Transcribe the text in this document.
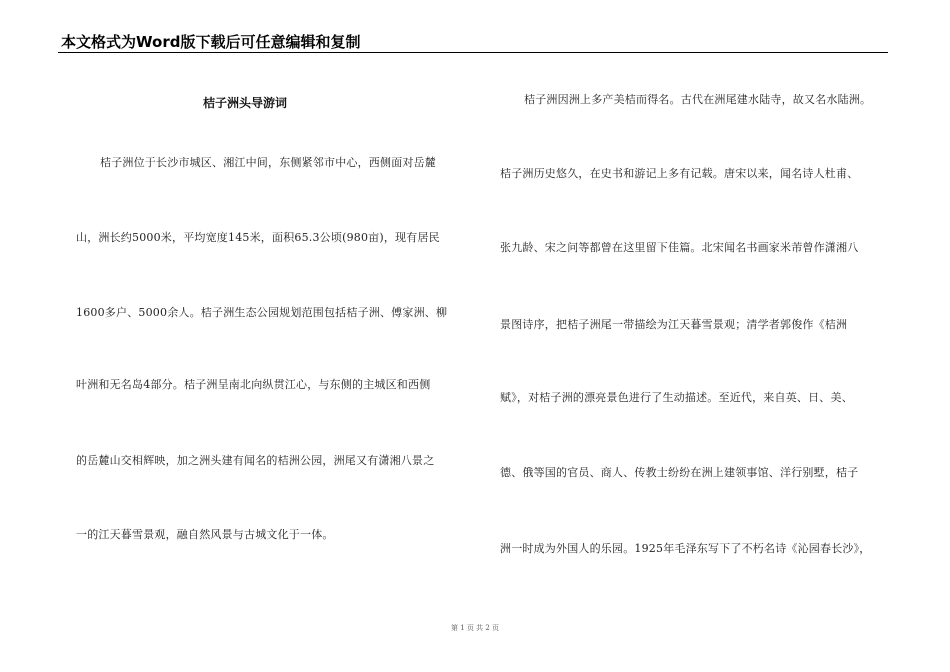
本文格式为Word版下载后可任意编辑和复制
桔子洲头导游词
桔子洲位于长沙市城区、湘江中间，东侧紧邻市中心，西侧面对岳麓
山，洲长约5000米，平均宽度145米，面积65.3公顷(980亩)，现有居民
1600多户、5000余人。桔子洲生态公园规划范围包括桔子洲、傅家洲、柳
叶洲和无名岛4部分。桔子洲呈南北向纵贯江心，与东侧的主城区和西侧
的岳麓山交相辉映，加之洲头建有闻名的桔洲公园，洲尾又有潇湘八景之
一的江天暮雪景观，融自然风景与古城文化于一体。
桔子洲因洲上多产美桔而得名。古代在洲尾建水陆寺，故又名水陆洲。
桔子洲历史悠久，在史书和游记上多有记载。唐宋以来，闻名诗人杜甫、
张九龄、宋之问等都曾在这里留下佳篇。北宋闻名书画家米芾曾作潇湘八
景图诗序，把桔子洲尾一带描绘为江天暮雪景观；清学者郭俊作《桔洲
赋》，对桔子洲的漂亮景色进行了生动描述。至近代，来自英、日、美、
德、俄等国的官员、商人、传教士纷纷在洲上建领事馆、洋行别墅，桔子
洲一时成为外国人的乐园。1925年毛泽东写下了不朽名诗《沁园春长沙》，
第 1 页 共 2 页
